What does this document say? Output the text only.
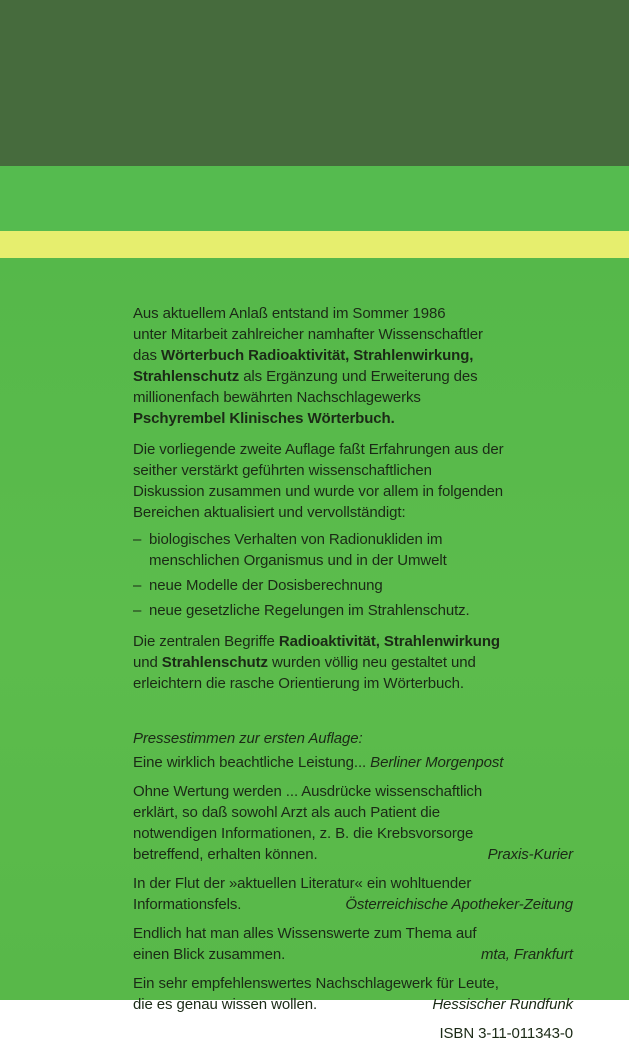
Aus aktuellem Anlaß entstand im Sommer 1986
unter Mitarbeit zahlreicher namhafter Wissenschaftler
das Wörterbuch Radioaktivität, Strahlenwirkung,
Strahlenschutz als Ergänzung und Erweiterung des
millionenfach bewährten Nachschlagewerks
Pschyrembel Klinisches Wörterbuch.

Die vorliegende zweite Auflage faßt Erfahrungen aus der
seither verstärkt geführten wissenschaftlichen
Diskussion zusammen und wurde vor allem in folgenden
Bereichen aktualisiert und vervollständigt:

– biologisches Verhalten von Radionukliden im
menschlichen Organismus und in der Umwelt
– neue Modelle der Dosisberechnung
– neue gesetzliche Regelungen im Strahlenschutz.

Die zentralen Begriffe Radioaktivität, Strahlenwirkung
und Strahlenschutz wurden völlig neu gestaltet und
erleichtern die rasche Orientierung im Wörterbuch.

Pressestimmen zur ersten Auflage:

Eine wirklich beachtliche Leistung... Berliner Morgenpost
Ohne Wertung werden ... Ausdrücke wissenschaftlich
erklärt, so daß sowohl Arzt als auch Patient die
notwendigen Informationen, z. B. die Krebsvorsorge
betreffend, erhalten können.	Praxis-Kurier
In der Flut der »aktuellen Literatur« ein wohltuender
Informationsfels.	Österreichische Apotheker-Zeitung
Endlich hat man alles Wissenswerte zum Thema auf
einen Blick zusammen.	mta, Frankfurt
Ein sehr empfehlenswertes Nachschlagewerk für Leute,
die es genau wissen wollen.	Hessischer Rundfunk
ISBN 3-11-011343-0
